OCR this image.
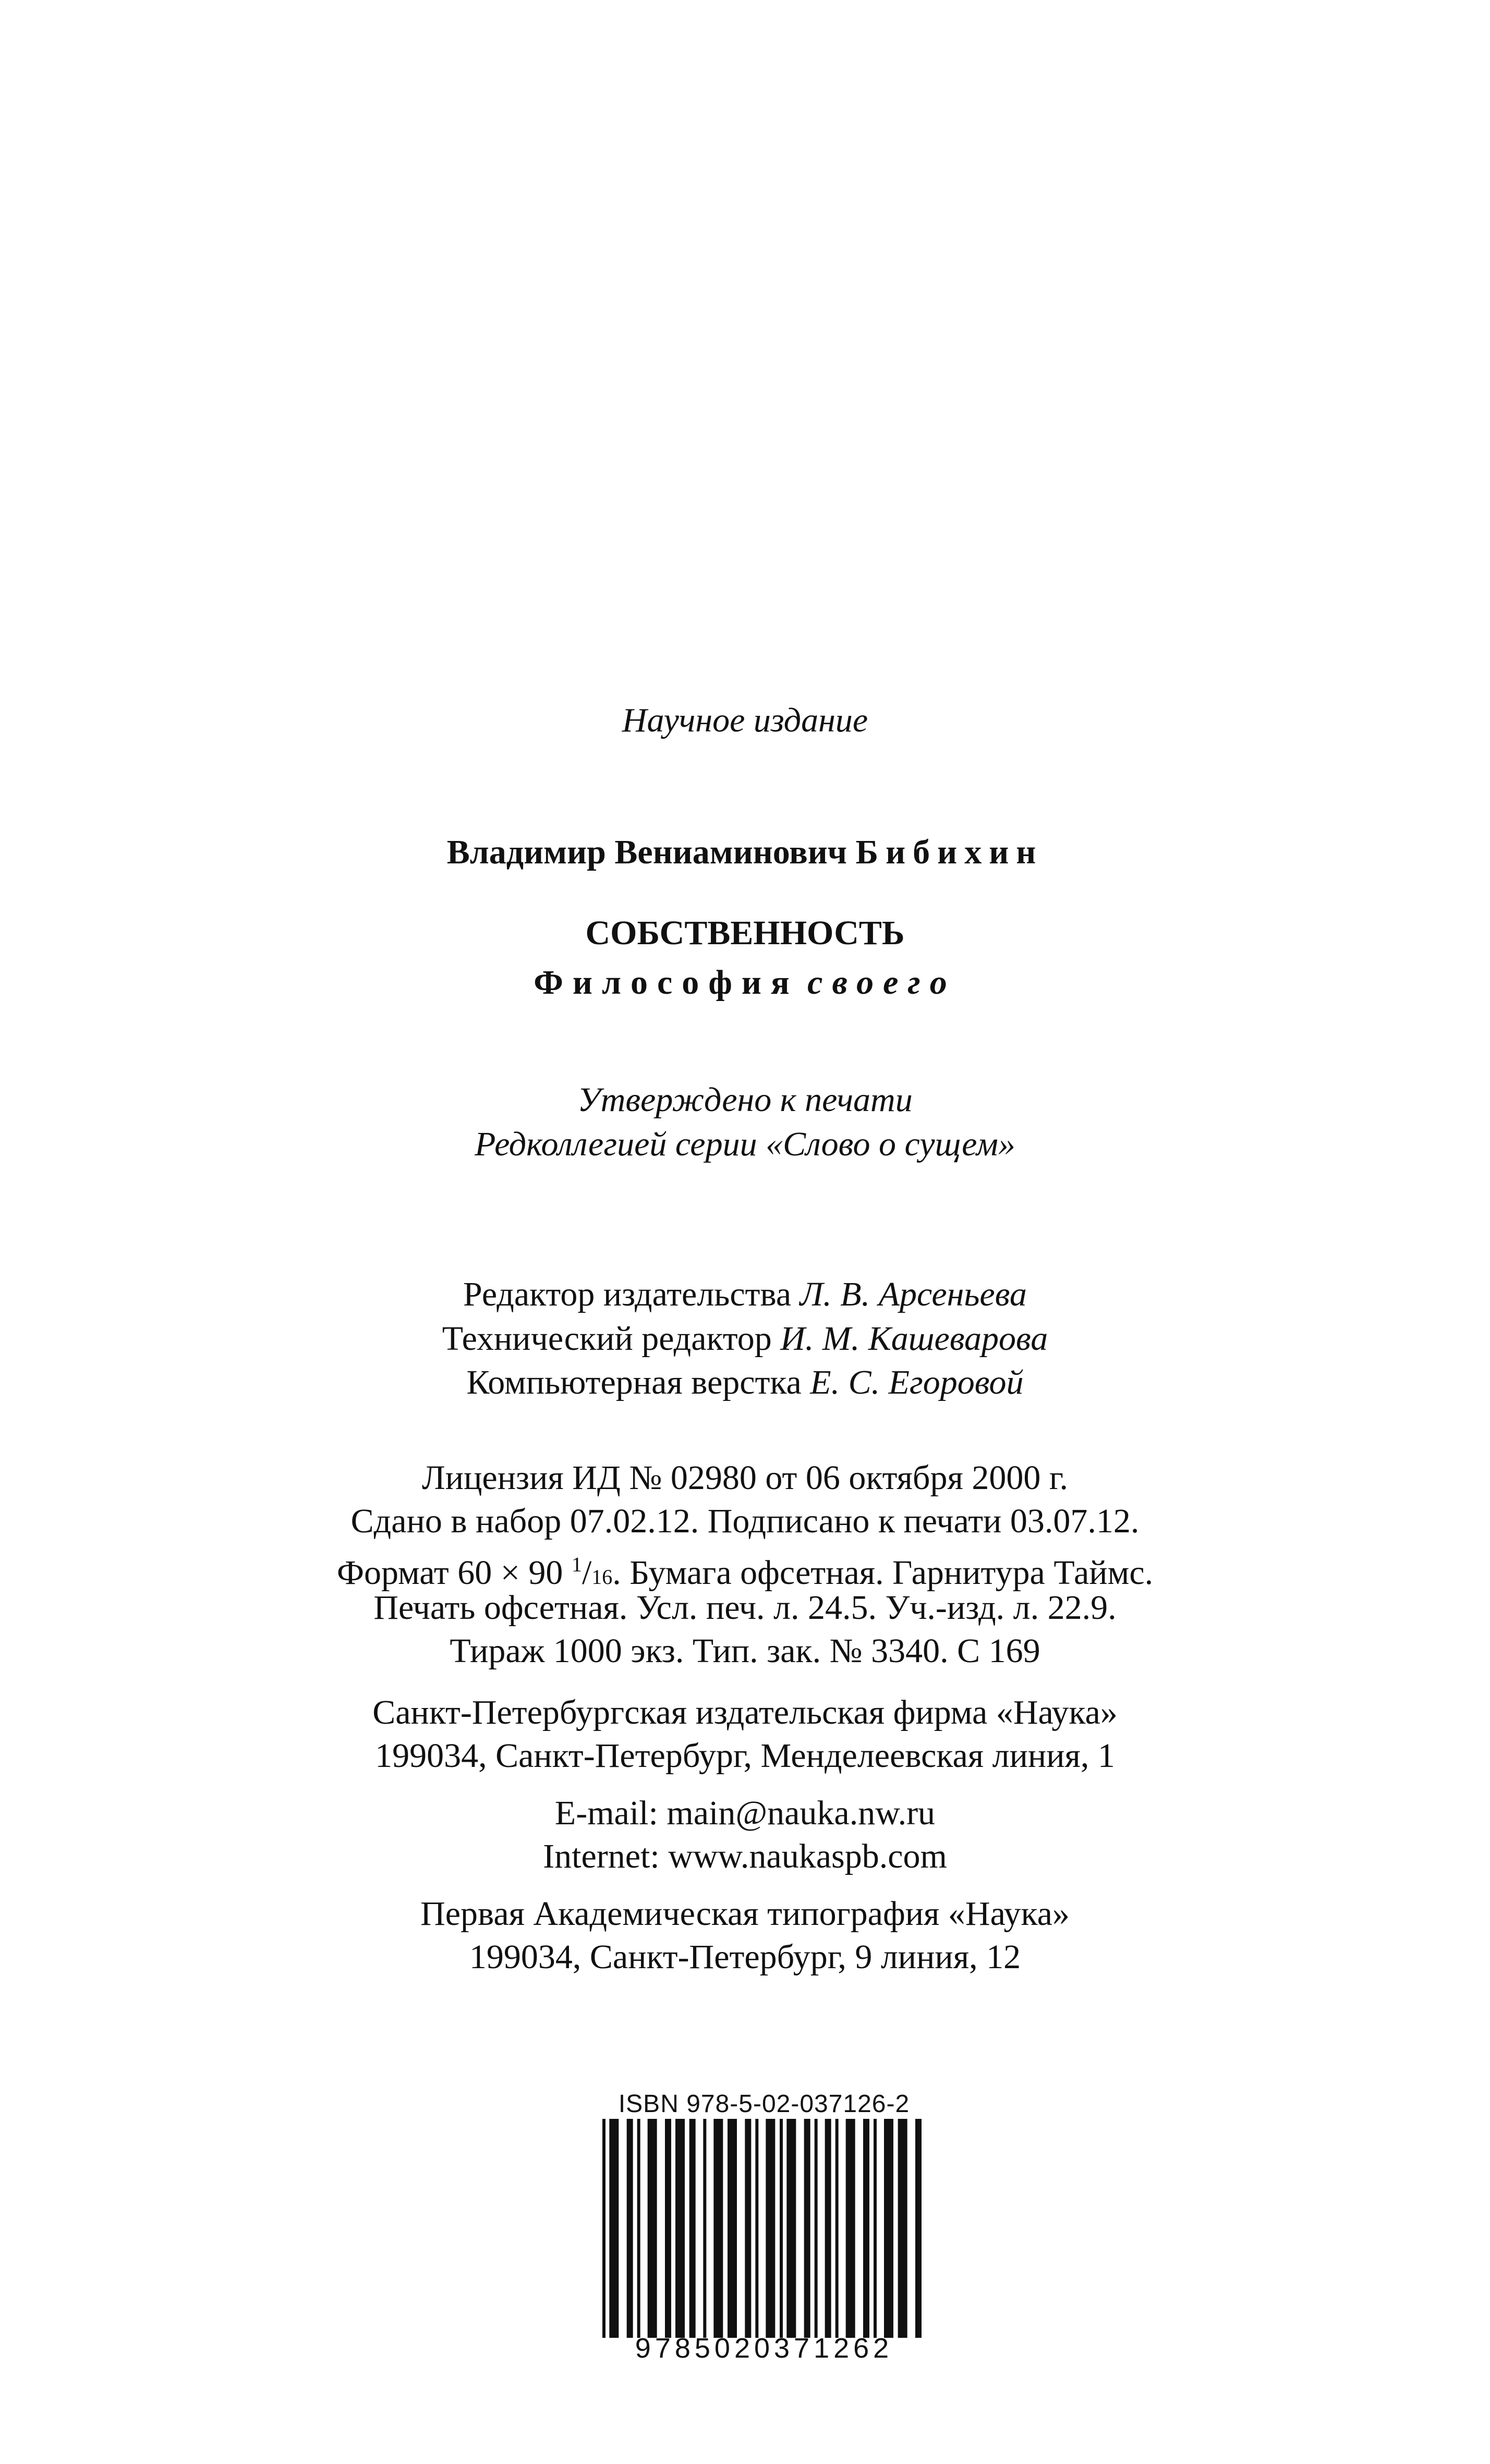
Научное издание
Владимир Вениаминович Бибихин
СОБСТВЕННОСТЬ
Философия своего
Утверждено к печати
Редколлегией серии «Слово о сущем»
Редактор издательства Л. В. Арсеньева
Технический редактор И. М. Кашеварова
Компьютерная верстка Е. С. Егоровой
Лицензия ИД № 02980 от 06 октября 2000 г.
Сдано в набор 07.02.12. Подписано к печати 03.07.12.
Формат 60 × 90 $^1$/16. Бумага офсетная. Гарнитура Таймс.
Печать офсетная. Усл. печ. л. 24.5. Уч.-изд. л. 22.9.
Тираж 1000 экз. Тип. зак. № 3340. С 169
Санкт-Петербургская издательская фирма «Наука»
199034, Санкт-Петербург, Менделеевская линия, 1
E-mail: main@nauka.nw.ru
Internet: www.naukaspb.com
Первая Академическая типография «Наука»
199034, Санкт-Петербург, 9 линия, 12
ISBN 978-5-02-037126-2
9785020371262
